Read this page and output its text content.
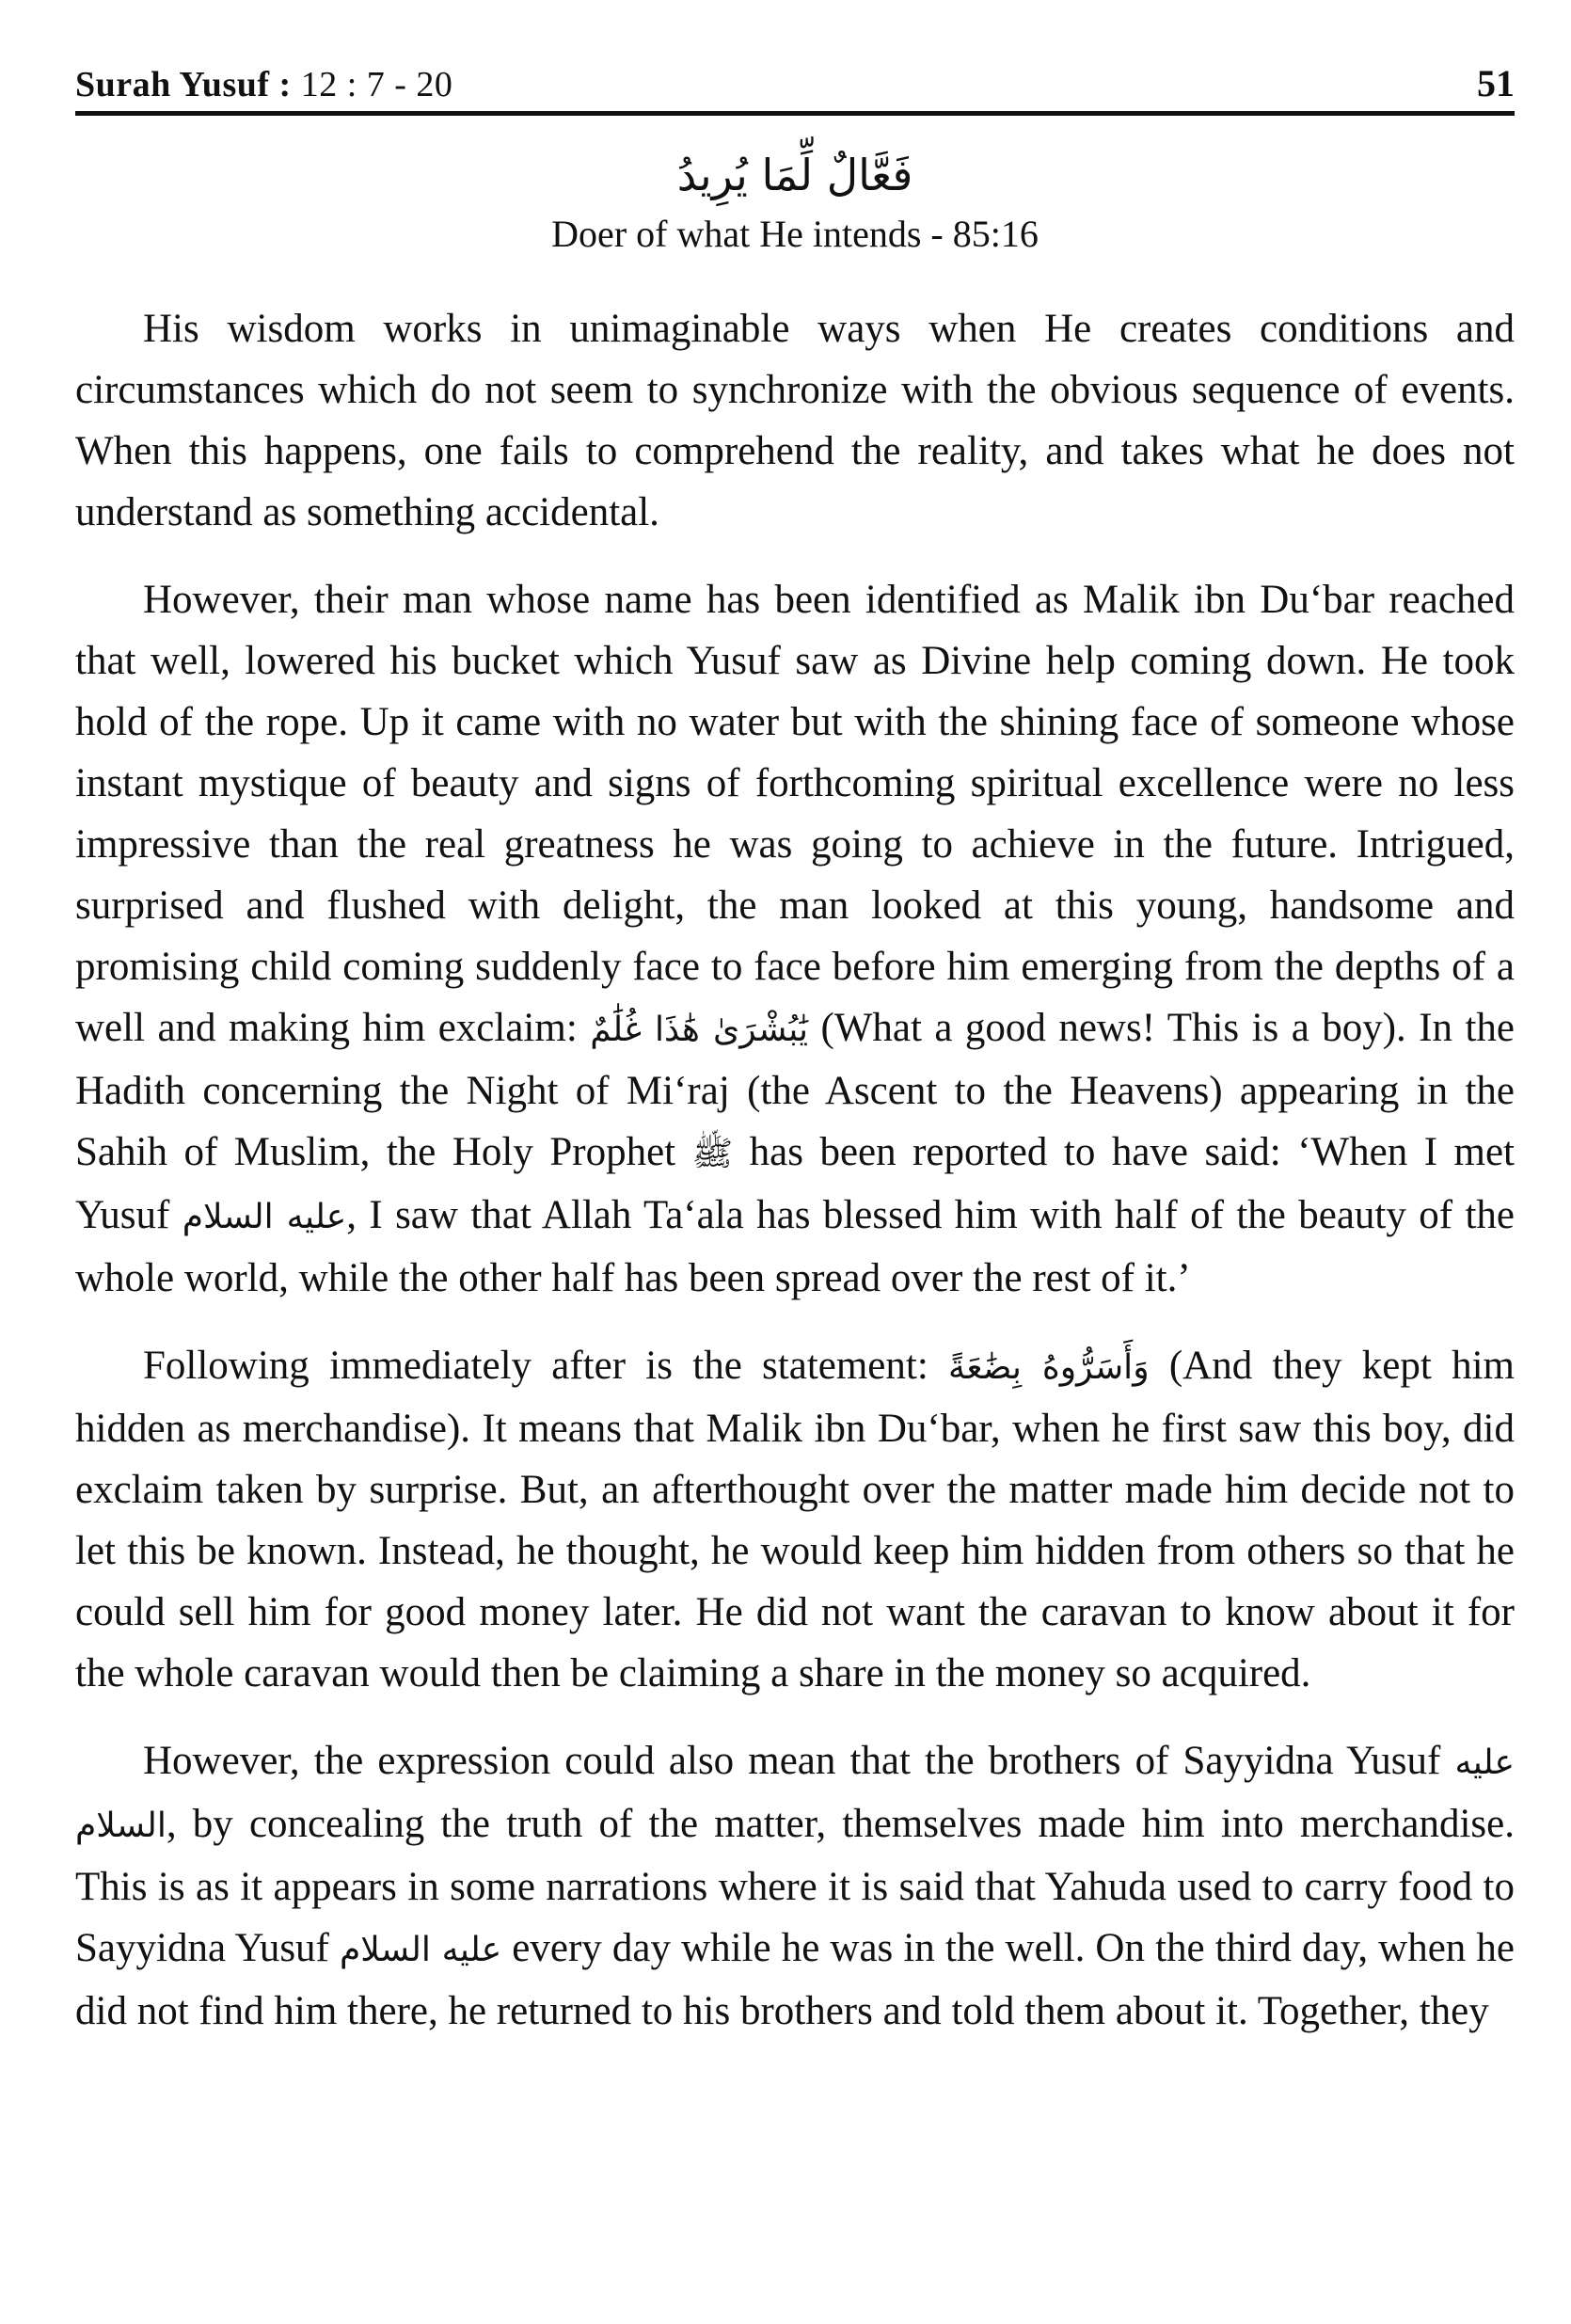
Surah Yusuf : 12 : 7 - 20	51
فَعَّالٌ لِّمَا يُرِيدُ
Doer of what He intends - 85:16

His wisdom works in unimaginable ways when He creates conditions and circumstances which do not seem to synchronize with the obvious sequence of events. When this happens, one fails to comprehend the reality, and takes what he does not understand as something accidental.

However, their man whose name has been identified as Malik ibn Du‘bar reached that well, lowered his bucket which Yusuf saw as Divine help coming down. He took hold of the rope. Up it came with no water but with the shining face of someone whose instant mystique of beauty and signs of forthcoming spiritual excellence were no less impressive than the real greatness he was going to achieve in the future. Intrigued, surprised and flushed with delight, the man looked at this young, handsome and promising child coming suddenly face to face before him emerging from the depths of a well and making him exclaim: يَٰبُشْرَىٰ هَٰذَا غُلَٰمٌ (What a good news! This is a boy). In the Hadith concerning the Night of Mi‘raj (the Ascent to the Heavens) appearing in the Sahih of Muslim, the Holy Prophet ﷺ has been reported to have said: ‘When I met Yusuf عليه السلام, I saw that Allah Ta‘ala has blessed him with half of the beauty of the whole world, while the other half has been spread over the rest of it.’

Following immediately after is the statement: وَأَسَرُّوهُ بِضَٰعَةً (And they kept him hidden as merchandise). It means that Malik ibn Du‘bar, when he first saw this boy, did exclaim taken by surprise. But, an afterthought over the matter made him decide not to let this be known. Instead, he thought, he would keep him hidden from others so that he could sell him for good money later. He did not want the caravan to know about it for the whole caravan would then be claiming a share in the money so acquired.

However, the expression could also mean that the brothers of Sayyidna Yusuf عليه السلام, by concealing the truth of the matter, themselves made him into merchandise. This is as it appears in some narrations where it is said that Yahuda used to carry food to Sayyidna Yusuf عليه السلام every day while he was in the well. On the third day, when he did not find him there, he returned to his brothers and told them about it. Together, they
